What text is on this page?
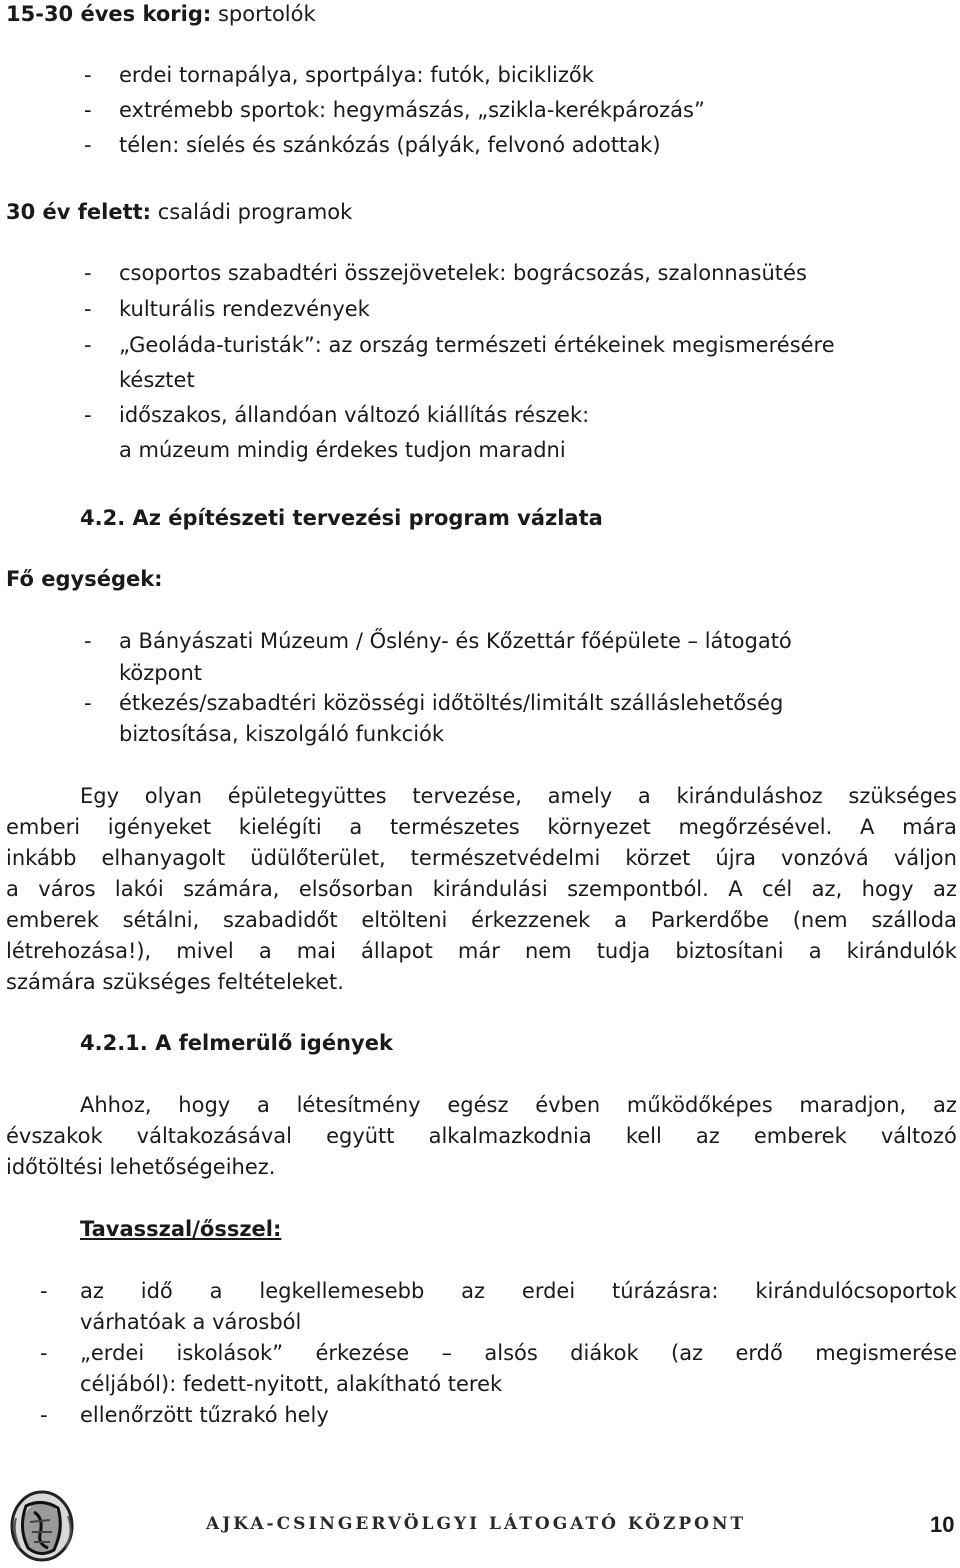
15-30 éves korig: sportolók
- erdei tornapálya, sportpálya: futók, biciklizők
- extrémebb sportok: hegymászás, „szikla-kerékpározás”
- télen: síelés és szánkózás (pályák, felvonó adottak)
30 év felett: családi programok
- csoportos szabadtéri összejövetelek: bográcsozás, szalonnasütés
- kulturális rendezvények
- „Geoláda-turisták”: az ország természeti értékeinek megismerésére
késztet
- időszakos, állandóan változó kiállítás részek:
a múzeum mindig érdekes tudjon maradni
4.2. Az építészeti tervezési program vázlata
Fő egységek:
- a Bányászati Múzeum / Őslény- és Kőzettár főépülete – látogató
központ
- étkezés/szabadtéri közösségi időtöltés/limitált szálláslehetőség
biztosítása, kiszolgáló funkciók
Egy olyan épületegyüttes tervezése, amely a kiránduláshoz szükséges
emberi igényeket kielégíti a természetes környezet megőrzésével. A mára
inkább elhanyagolt üdülőterület, természetvédelmi körzet újra vonzóvá váljon
a város lakói számára, elsősorban kirándulási szempontból. A cél az, hogy az
emberek sétálni, szabadidőt eltölteni érkezzenek a Parkerdőbe (nem szálloda
létrehozása!), mivel a mai állapot már nem tudja biztosítani a kirándulók
számára szükséges feltételeket.
4.2.1. A felmerülő igények
Ahhoz, hogy a létesítmény egész évben működőképes maradjon, az
évszakok váltakozásával együtt alkalmazkodnia kell az emberek változó
időtöltési lehetőségeihez.
Tavasszal/ősszel:
- az idő a legkellemesebb az erdei túrázásra: kirándulócsoportok
várhatóak a városból
- „erdei iskolások” érkezése – alsós diákok (az erdő megismerése
céljából): fedett-nyitott, alakítható terek
- ellenőrzött tűzrakó hely
AJKA-CSINGERVÖLGYI LÁTOGATÓ KÖZPONT	10
